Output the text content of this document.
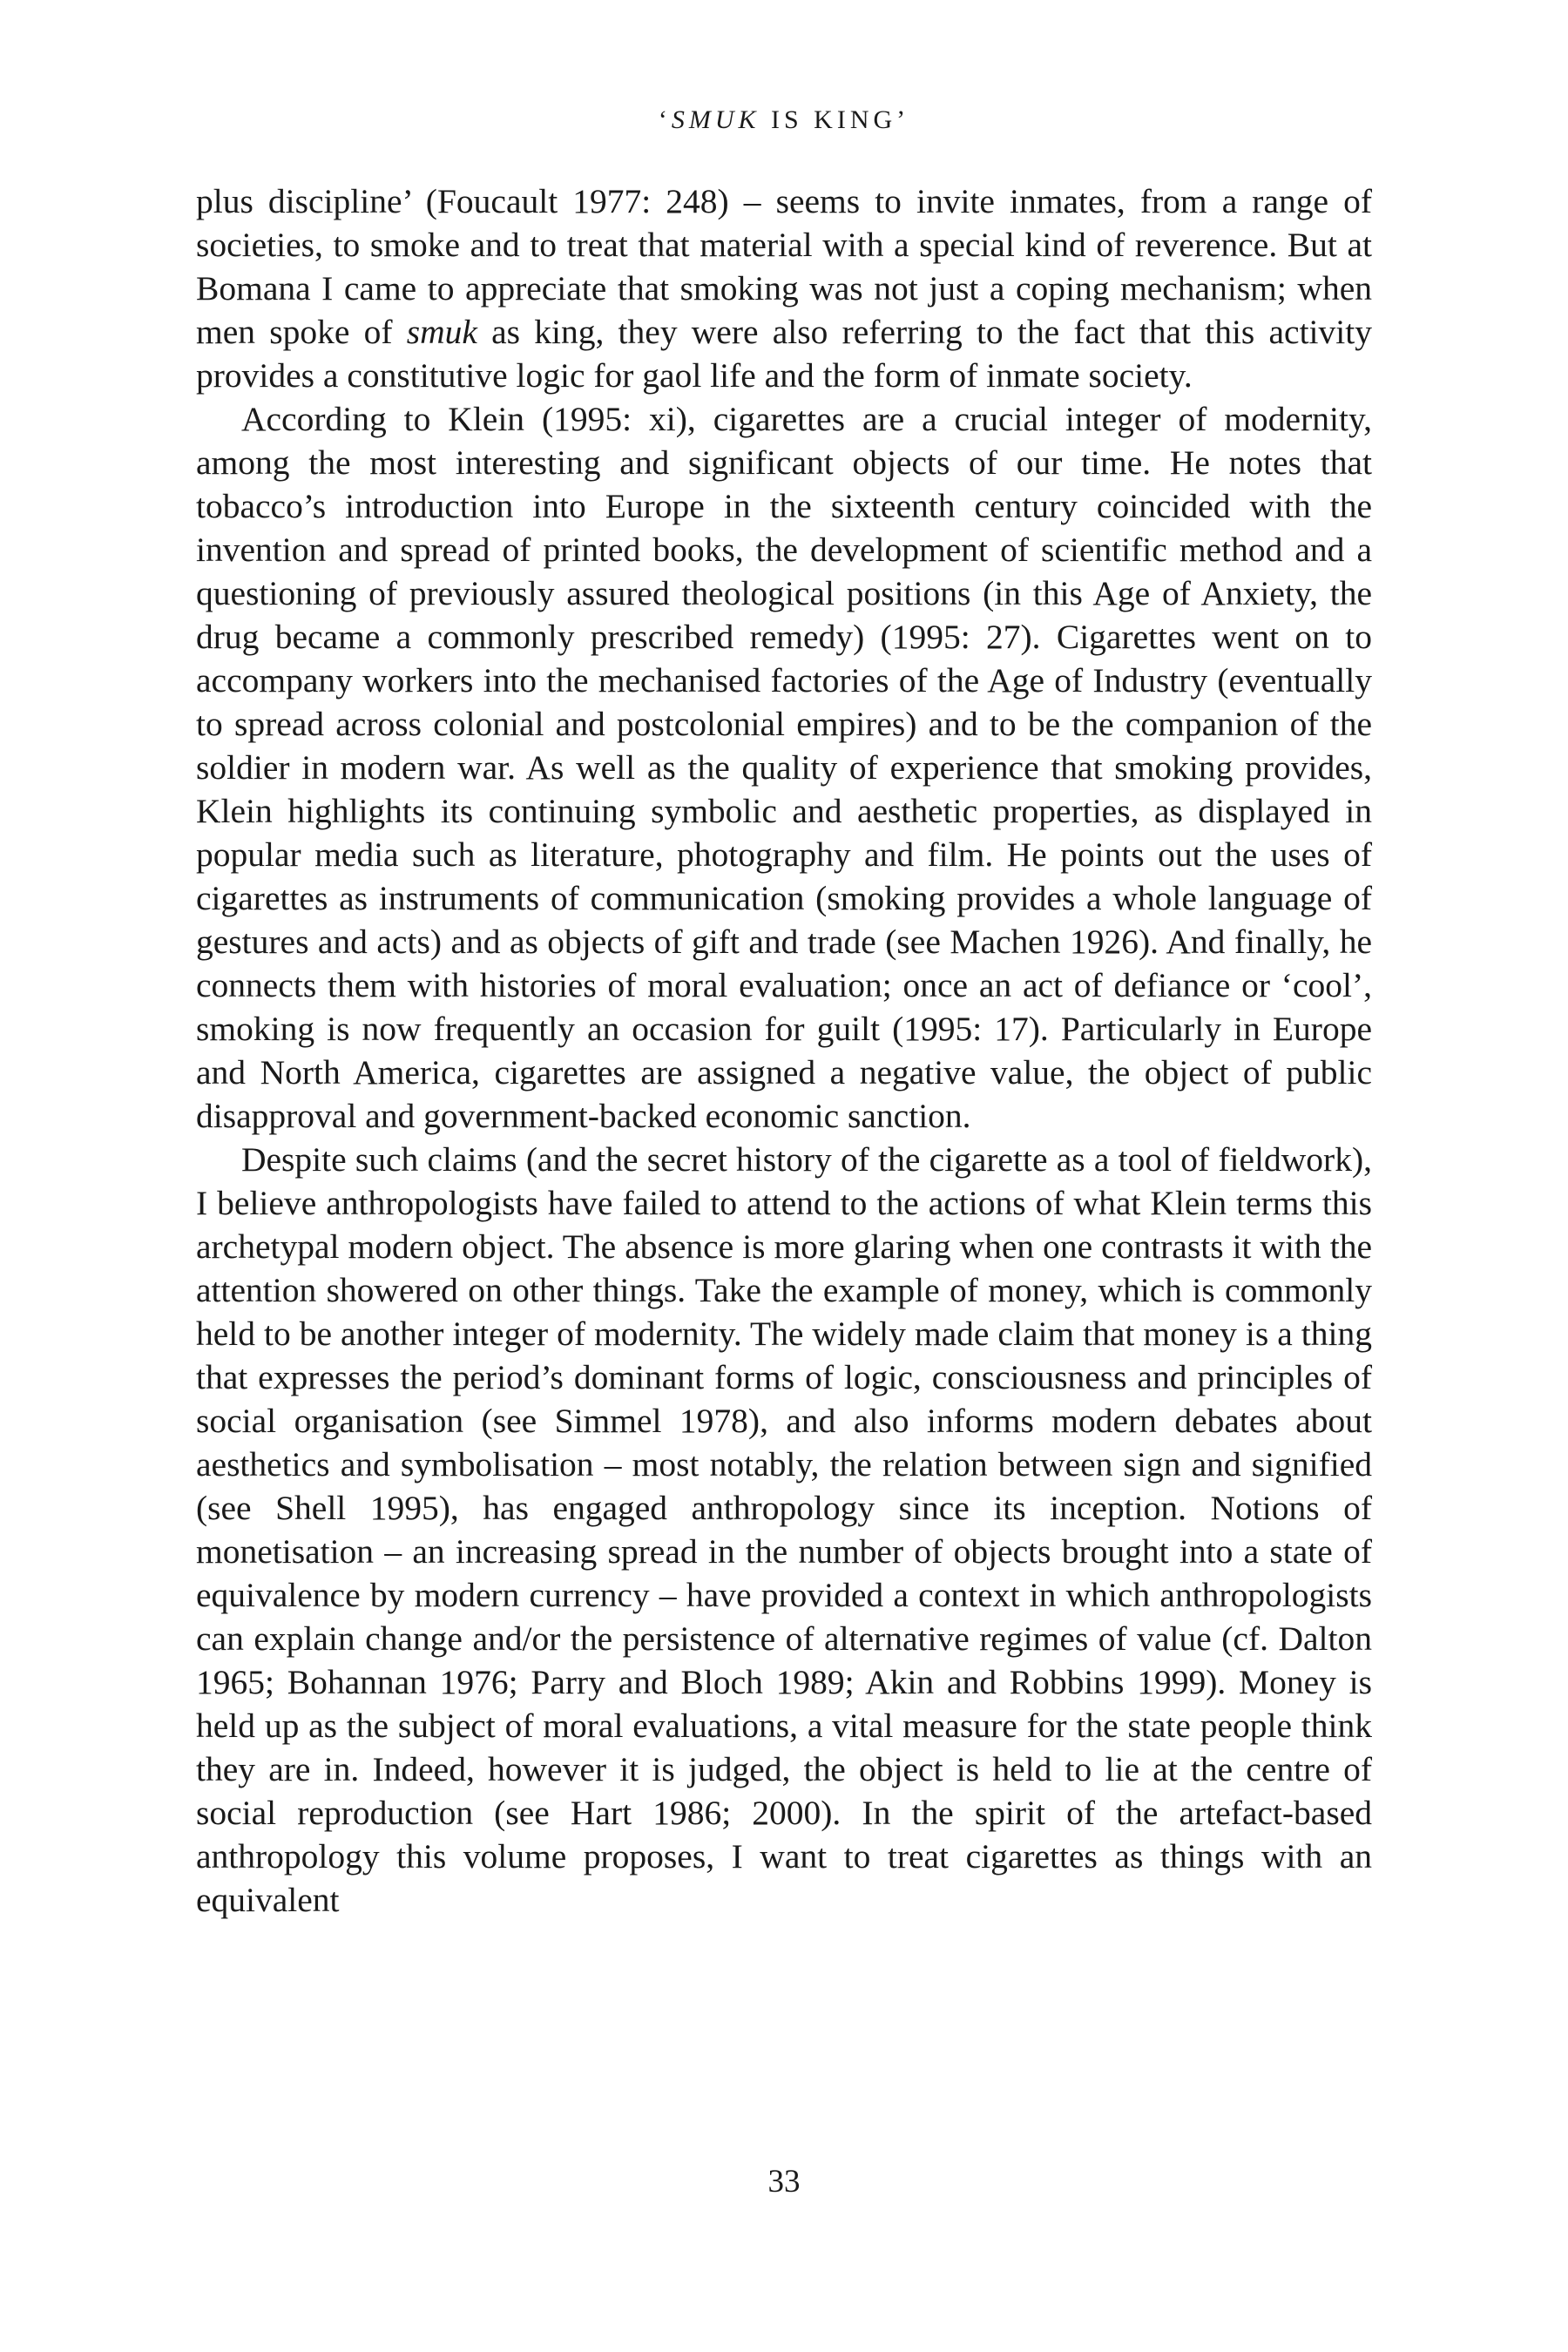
‘SMUK IS KING’

plus discipline’ (Foucault 1977: 248) – seems to invite inmates, from a range of societies, to smoke and to treat that material with a special kind of reverence. But at Bomana I came to appreciate that smoking was not just a coping mechanism; when men spoke of smuk as king, they were also referring to the fact that this activity provides a constitutive logic for gaol life and the form of inmate society.

According to Klein (1995: xi), cigarettes are a crucial integer of modernity, among the most interesting and significant objects of our time. He notes that tobacco’s introduction into Europe in the sixteenth century coincided with the invention and spread of printed books, the development of scientific method and a questioning of previously assured theological positions (in this Age of Anxiety, the drug became a commonly prescribed remedy) (1995: 27). Cigarettes went on to accompany workers into the mechanised factories of the Age of Industry (eventually to spread across colonial and postcolonial empires) and to be the companion of the soldier in modern war. As well as the quality of experience that smoking provides, Klein highlights its continuing symbolic and aesthetic properties, as displayed in popular media such as literature, photography and film. He points out the uses of cigarettes as instruments of communication (smoking provides a whole language of gestures and acts) and as objects of gift and trade (see Machen 1926). And finally, he connects them with histories of moral evaluation; once an act of defiance or ‘cool’, smoking is now frequently an occasion for guilt (1995: 17). Particularly in Europe and North America, cigarettes are assigned a negative value, the object of public disapproval and government-backed economic sanction.

Despite such claims (and the secret history of the cigarette as a tool of fieldwork), I believe anthropologists have failed to attend to the actions of what Klein terms this archetypal modern object. The absence is more glaring when one contrasts it with the attention showered on other things. Take the example of money, which is commonly held to be another integer of modernity. The widely made claim that money is a thing that expresses the period’s dominant forms of logic, consciousness and principles of social organisation (see Simmel 1978), and also informs modern debates about aesthetics and symbolisation – most notably, the relation between sign and signified (see Shell 1995), has engaged anthropology since its inception. Notions of monetisation – an increasing spread in the number of objects brought into a state of equivalence by modern currency – have provided a context in which anthropologists can explain change and/or the persistence of alternative regimes of value (cf. Dalton 1965; Bohannan 1976; Parry and Bloch 1989; Akin and Robbins 1999). Money is held up as the subject of moral evaluations, a vital measure for the state people think they are in. Indeed, however it is judged, the object is held to lie at the centre of social reproduction (see Hart 1986; 2000). In the spirit of the artefact-based anthropology this volume proposes, I want to treat cigarettes as things with an equivalent

33
